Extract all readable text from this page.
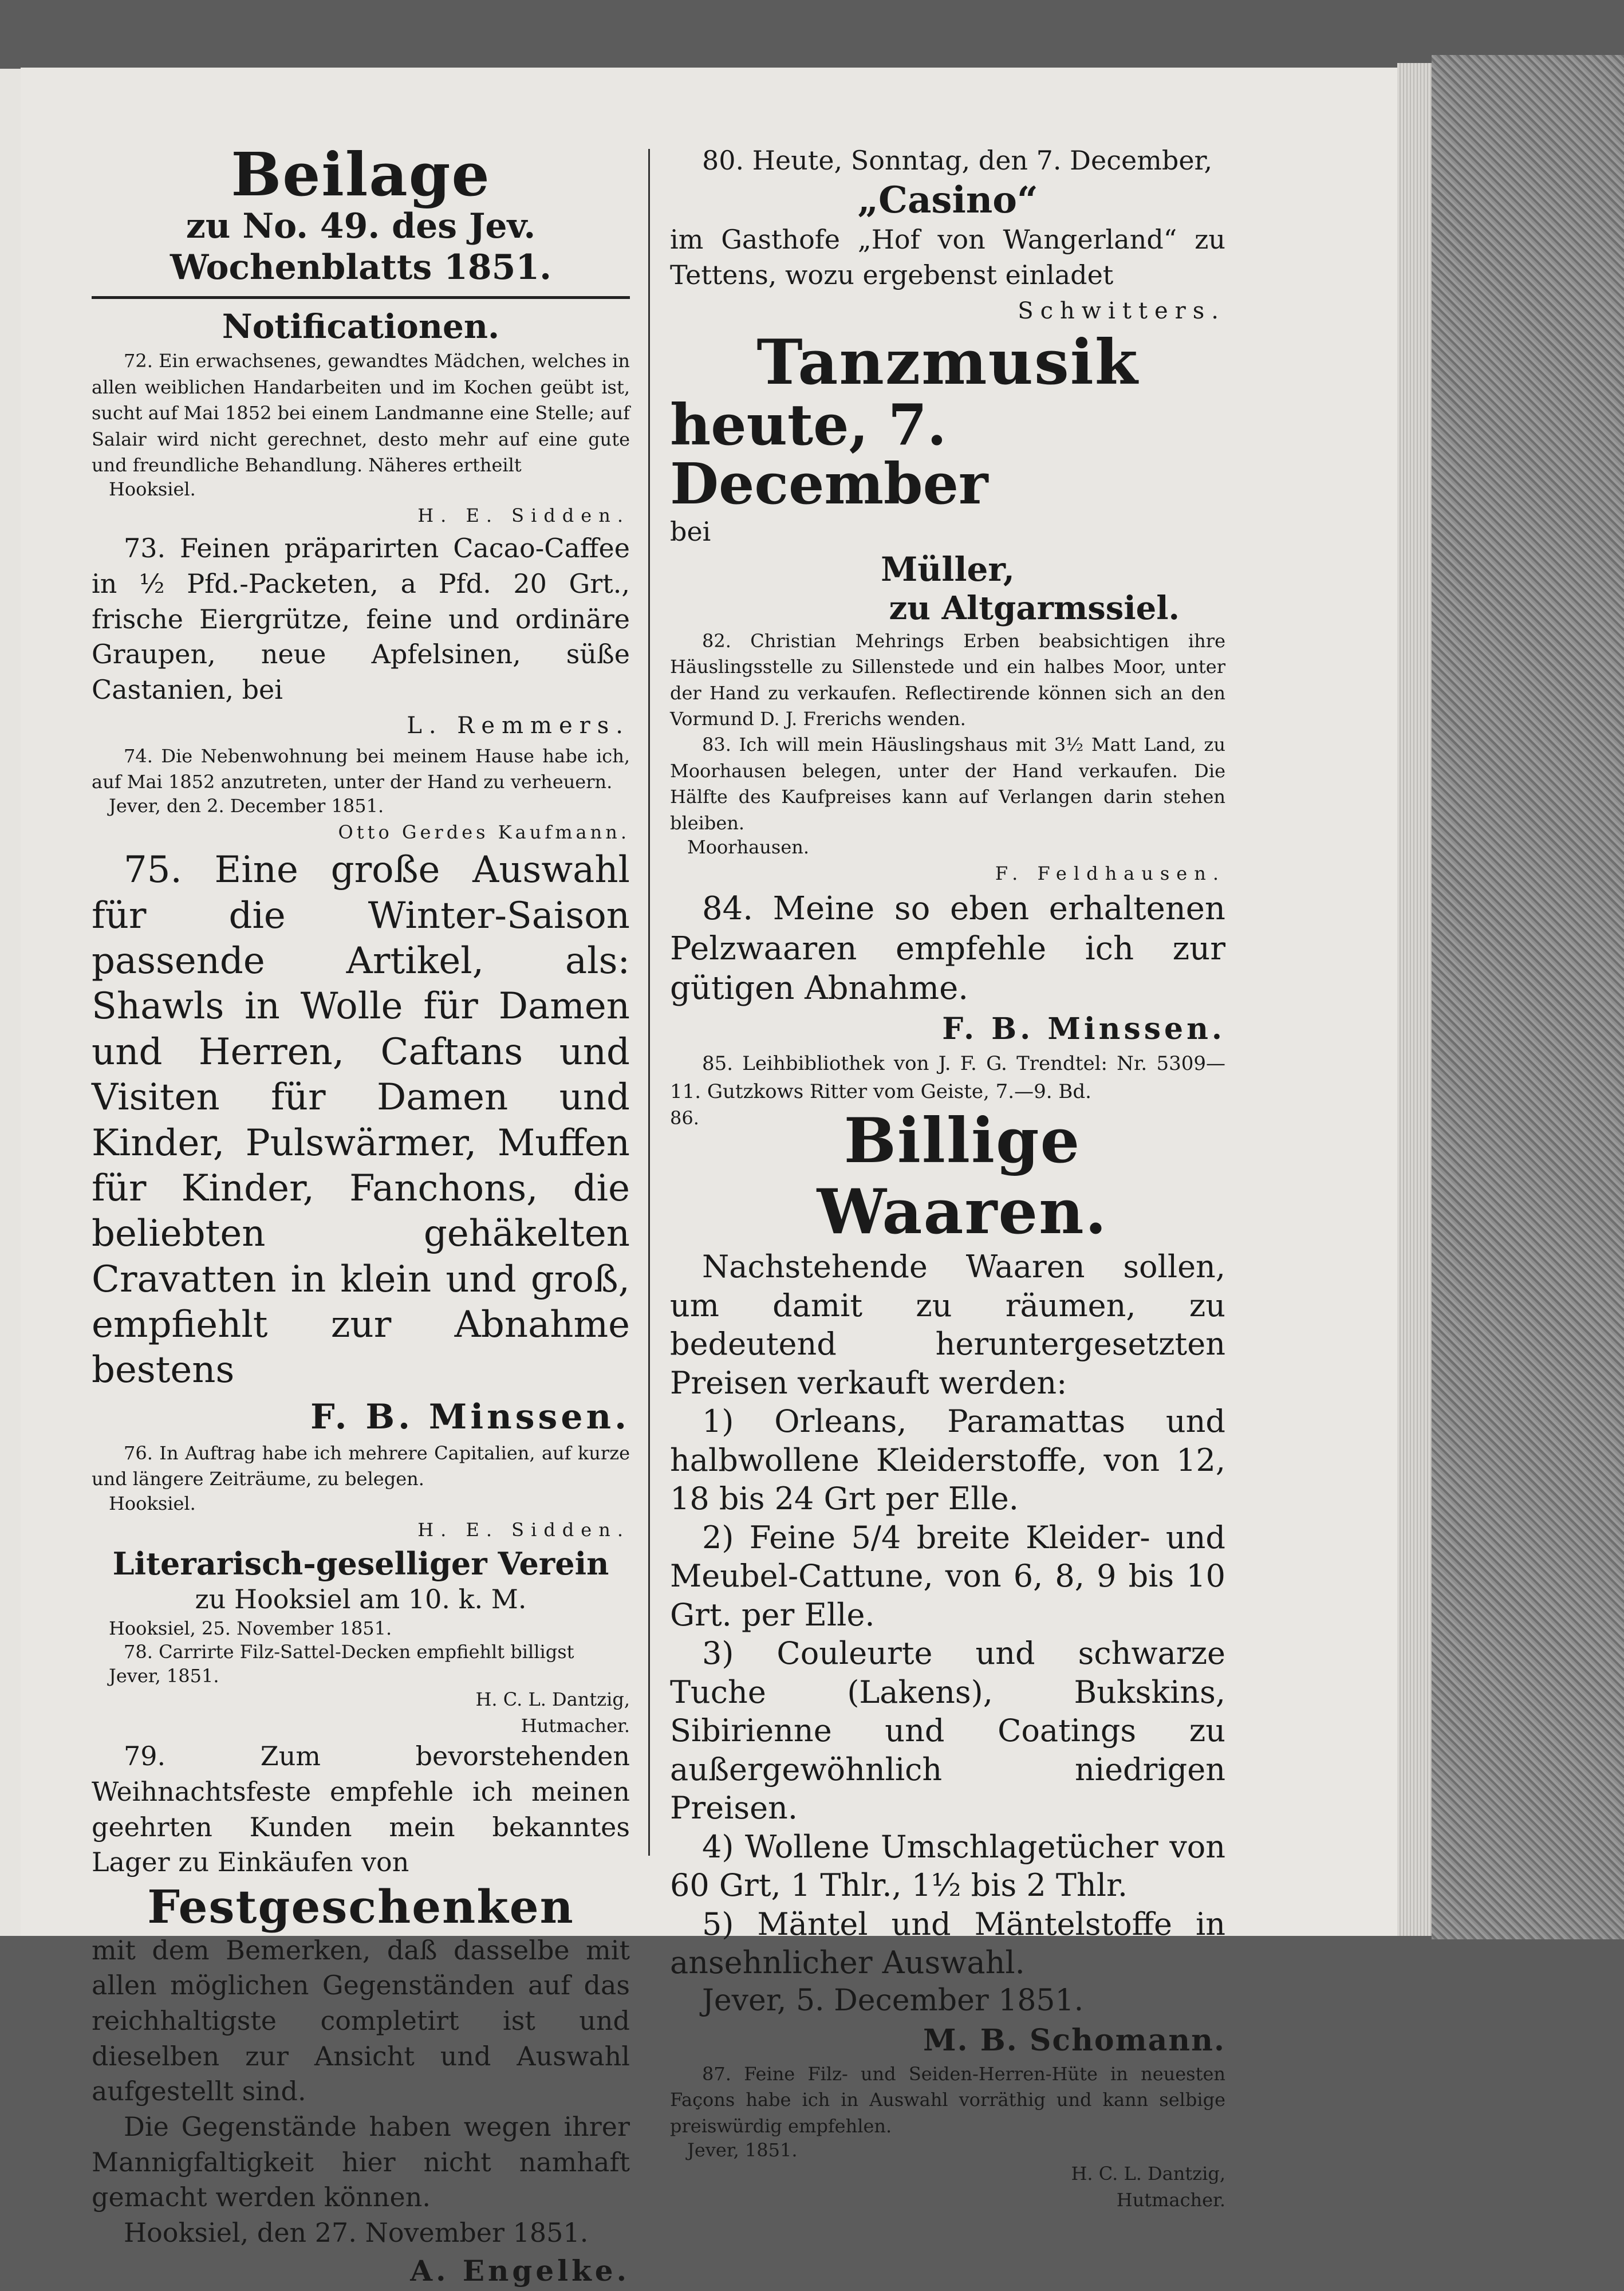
Beilage

zu No. 49. des Jev. Wochenblatts 1851.

Notificationen.

72. Ein erwachsenes, gewandtes Mädchen, welches in allen weiblichen Handarbeiten und im Kochen geübt ist, sucht auf Mai 1852 bei einem Landmanne eine Stelle; auf Salair wird nicht gerechnet, desto mehr auf eine gute und freundliche Behandlung. Näheres ertheilt

Hooksiel.

H. E. Sidden.

73. Feinen präparirten Cacao-Caffee in ½ Pfd.-Packeten, a Pfd. 20 Grt., frische Eiergrütze, feine und ordinäre Graupen, neue Apfelsinen, süße Castanien, bei

L. Remmers.

74. Die Nebenwohnung bei meinem Hause habe ich, auf Mai 1852 anzutreten, unter der Hand zu verheuern.

Jever, den 2. December 1851.

Otto Gerdes Kaufmann.

75. Eine große Auswahl für die Winter-Saison passende Artikel, als: Shawls in Wolle für Damen und Herren, Caftans und Visiten für Damen und Kinder, Pulswärmer, Muffen für Kinder, Fanchons, die beliebten gehäkelten Cravatten in klein und groß, empfiehlt zur Abnahme bestens

F. B. Minssen.

76. In Auftrag habe ich mehrere Capitalien, auf kurze und längere Zeiträume, zu belegen.

Hooksiel.

H. E. Sidden.

Literarisch-geselliger Verein

zu Hooksiel am 10. k. M.

Hooksiel, 25. November 1851.

78. Carrirte Filz-Sattel-Decken empfiehlt billigst

Jever, 1851.

H. C. L. Dantzig,

Hutmacher.

79. Zum bevorstehenden Weihnachtsfeste empfehle ich meinen geehrten Kunden mein bekanntes Lager zu Einkäufen von

Festgeschenken

mit dem Bemerken, daß dasselbe mit allen möglichen Gegenständen auf das reichhaltigste completirt ist und dieselben zur Ansicht und Auswahl aufgestellt sind.

Die Gegenstände haben wegen ihrer Mannigfaltigkeit hier nicht namhaft gemacht werden können.

Hooksiel, den 27. November 1851.

A. Engelke.

80. Heute, Sonntag, den 7. December,

„Casino“

im Gasthofe „Hof von Wangerland“ zu Tettens, wozu ergebenst einladet

Schwitters.

Tanzmusik

heute, 7. December

bei

Müller,

zu Altgarmssiel.

82. Christian Mehrings Erben beabsichtigen ihre Häuslingsstelle zu Sillenstede und ein halbes Moor, unter der Hand zu verkaufen. Reflectirende können sich an den Vormund D. J. Frerichs wenden.

83. Ich will mein Häuslingshaus mit 3½ Matt Land, zu Moorhausen belegen, unter der Hand verkaufen. Die Hälfte des Kaufpreises kann auf Verlangen darin stehen bleiben.

Moorhausen.

F. Feldhausen.

84. Meine so eben erhaltenen Pelzwaaren empfehle ich zur gütigen Abnahme.

F. B. Minssen.

85. Leihbibliothek von J. F. G. Trendtel: Nr. 5309—11. Gutzkows Ritter vom Geiste, 7.—9. Bd.

86.	Billige Waaren.

Nachstehende Waaren sollen, um damit zu räumen, zu bedeutend heruntergesetzten Preisen verkauft werden:

1) Orleans, Paramattas und halbwollene Kleiderstoffe, von 12, 18 bis 24 Grt per Elle.

2) Feine 5/4 breite Kleider- und Meubel-Cattune, von 6, 8, 9 bis 10 Grt. per Elle.

3) Couleurte und schwarze Tuche (Lakens), Bukskins, Sibirienne und Coatings zu außergewöhnlich niedrigen Preisen.

4) Wollene Umschlagetücher von 60 Grt, 1 Thlr., 1½ bis 2 Thlr.

5) Mäntel und Mäntelstoffe in ansehnlicher Auswahl.

Jever, 5. December 1851.

M. B. Schomann.

87. Feine Filz- und Seiden-Herren-Hüte in neuesten Façons habe ich in Auswahl vorräthig und kann selbige preiswürdig empfehlen.

Jever, 1851.

H. C. L. Dantzig,

Hutmacher.
